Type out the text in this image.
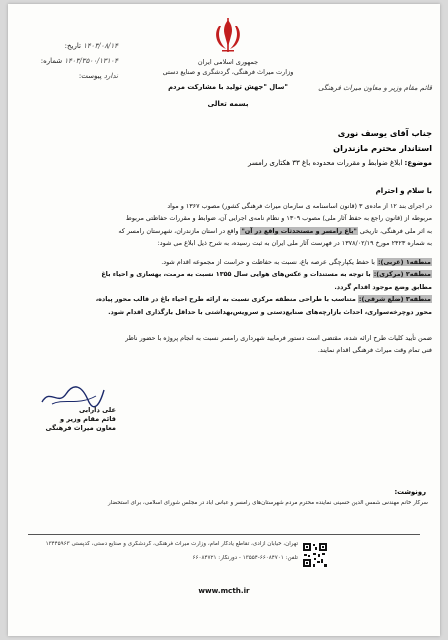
۱۴۰۳/۰۸/۱۴ تاریخ:
۱۴۰۳/۳۵۰۰/۱۳۱۰۴ شماره:
ندارد پیوست:
جمهوری اسلامی ایران
وزارت میراث فرهنگی، گردشگری و صنایع دستی
سال "جهش تولید با مشارکت مردم"
بسمه تعالی
قائم مقام وزیر و معاون میراث فرهنگی
جناب آقای یوسف نوری
استاندار محترم مازندران
موضوع: ابلاغ ضوابط و مقررات محدوده باغ ۳۳ هکتاری رامسر
با سلام و احترام
در اجرای بند ۱۲ از ماده‌ی ۳ (قانون اساسنامه ی سازمان میراث فرهنگی کشور) مصوب ۱۳۶۷ و مواد
مربوطه از (قانون راجع به حفظ آثار ملی) مصوب ۱۳۰۹ و نظام نامه‌ی اجرایی آن، ضوابط و مقررات حفاظتی مربوط
به اثر ملی فرهنگی، تاریخی "باغ رامسر و مستحدثات واقع در آن" واقع در استان مازندران، شهرستان رامسر که
به شماره ۲۴۲۳ مورخ ۱۳۷۸/۰۲/۱۹ در فهرست آثار ملی ایران به ثبت رسیده، به شرح ذیل ابلاغ می شود:
منطقه۱ (غربی): با حفظ یکپارچگی عرصه باغ، نسبت به حفاظت و حراست از مجموعه اقدام شود.
منطقه۲ (مرکزی): با توجه به مستندات و عکس‌های هوایی سال ۱۳۵۵ نسبت به مرمت، بهسازی و احیاء باغ
مطابق وضع موجود اقدام گردد.
منطقه۳ (ضلع شرقی): متناسب با طراحی منطقه مرکزی نسبت به ارائه طرح احیاء باغ در قالب محور پیاده،
محور دوچرخه‌سواری، احداث بازارچه‌های صنایع‌دستی و سرویس‌بهداشتی با حداقل بارگذاری اقدام شود.
ضمن تأیید کلیات طرح ارائه شده، مقتضی است دستور فرمایید شهرداری رامسر نسبت به انجام پروژه با حضور ناظر
فنی تمام وقت میراث فرهنگی اقدام نمایند.
علی دارابی
قائم مقام وزیر و
معاون میراث فرهنگی
رونوشت:
سرکار خانم مهندس شمس الدین حسینی نماینده محترم مردم شهرستان‌های رامسر و عباس آباد در مجلس شورای اسلامی، برای استحضار
تهران، خیابان آزادی، تقاطع یادگار امام، وزارت میراث فرهنگی، گردشگری و صنایع دستی، کدپستی ۱۳۴۴۵۹۶۳
تلفن: ۶۶۰۸۴۷۰۱-۱۳۵۵۴ - دورنگار: ۶۶۰۸۴۷۲۱
www.mcth.ir
